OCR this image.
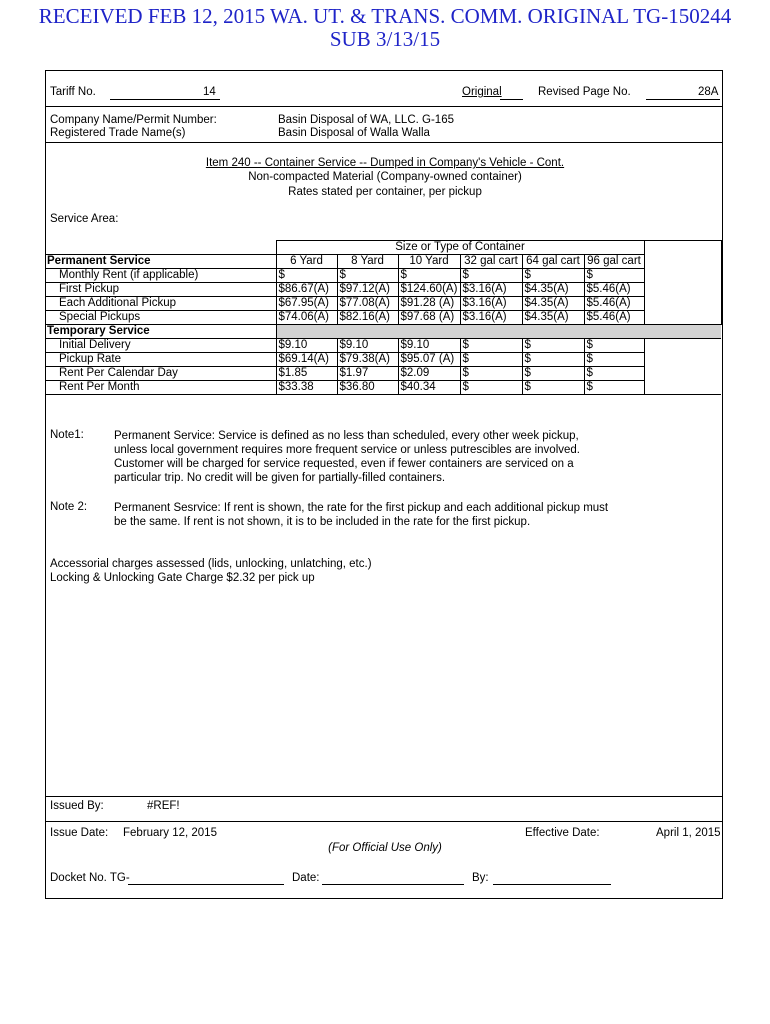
RECEIVED FEB 12, 2015 WA. UT. & TRANS. COMM. ORIGINAL TG-150244
SUB 3/13/15
Tariff No.	14	Original	Revised Page No.	28A
Company Name/Permit Number:	Basin Disposal of WA, LLC. G-165
Registered Trade Name(s)	Basin Disposal of Walla Walla
Item 240 -- Container Service -- Dumped in Company's Vehicle - Cont.
Non-compacted Material (Company-owned container)
Rates stated per container, per pickup
Service Area:
	Size or Type of Container						
Permanent Service	6 Yard	8 Yard	10 Yard	32 gal cart	64 gal cart	96 gal cart	
Monthly Rent (if applicable)	$	$	$	$	$	$	
First Pickup	$86.67(A)	$97.12(A)	$124.60(A)	$3.16(A)	$4.35(A)	$5.46(A)	
Each Additional Pickup	$67.95(A)	$77.08(A)	$91.28 (A)	$3.16(A)	$4.35(A)	$5.46(A)	
Special Pickups	$74.06(A)	$82.16(A)	$97.68 (A)	$3.16(A)	$4.35(A)	$5.46(A)	
Temporary Service							
Initial Delivery	$9.10	$9.10	$9.10	$	$	$	
Pickup Rate	$69.14(A)	$79.38(A)	$95.07 (A)	$	$	$	
Rent Per Calendar Day	$1.85	$1.97	$2.09	$	$	$	
Rent Per Month	$33.38	$36.80	$40.34	$	$	$	
Note1:	Permanent Service: Service is defined as no less than scheduled, every other week pickup,
unless local government requires more frequent service or unless putrescibles are involved.
Customer will be charged for service requested, even if fewer containers are serviced on a
particular trip. No credit will be given for partially-filled containers.
Note 2: Permanent Sesrvice: If rent is shown, the rate for the first pickup and each additional pickup must
be the same. If rent is not shown, it is to be included in the rate for the first pickup.
Accessorial charges assessed (lids, unlocking, unlatching, etc.)
Locking & Unlocking Gate Charge $2.32 per pick up
Issued By:	#REF!
Issue Date: February 12, 2015	Effective Date:	April 1, 2015
(For Official Use Only)
Docket No. TG-	Date:	By:
